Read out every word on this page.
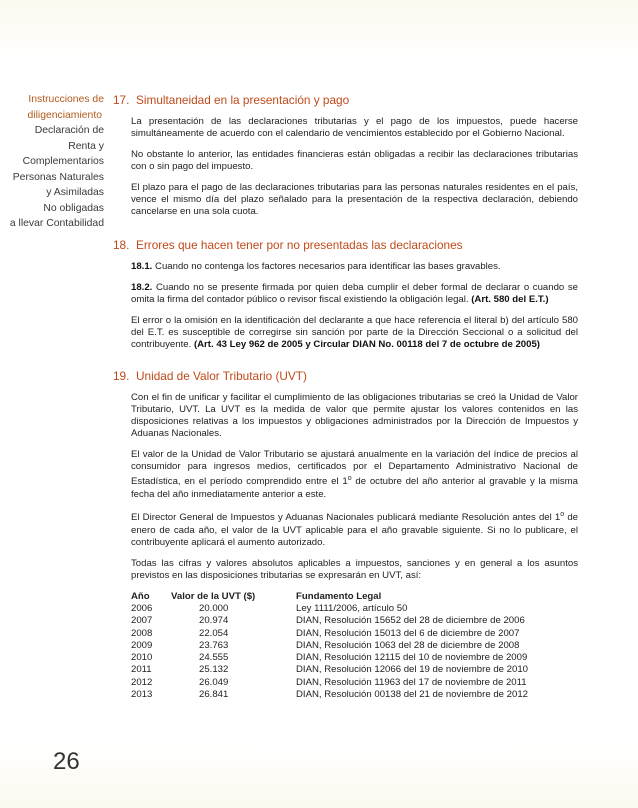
Instrucciones de
diligenciamiento
Declaración de
Renta y
Complementarios
Personas Naturales
y Asimiladas
No obligadas
a llevar Contabilidad
26
17. Simultaneidad en la presentación y pago

La presentación de las declaraciones tributarias y el pago de los impuestos, puede hacerse simultáneamente de acuerdo con el calendario de vencimientos establecido por el Gobierno Nacional.

No obstante lo anterior, las entidades financieras están obligadas a recibir las declaraciones tributarias con o sin pago del impuesto.

El plazo para el pago de las declaraciones tributarias para las personas naturales residentes en el país, vence el mismo día del plazo señalado para la presentación de la respectiva declaración, debiendo cancelarse en una sola cuota.

18. Errores que hacen tener por no presentadas las declaraciones

18.1. Cuando no contenga los factores necesarios para identificar las bases gravables.

18.2. Cuando no se presente firmada por quien deba cumplir el deber formal de declarar o cuando se omita la firma del contador público o revisor fiscal existiendo la obligación legal. (Art. 580 del E.T.)

El error o la omisión en la identificación del declarante a que hace referencia el literal b) del artículo 580 del E.T. es susceptible de corregirse sin sanción por parte de la Dirección Seccional o a solicitud del contribuyente. (Art. 43 Ley 962 de 2005 y Circular DIAN No. 00118 del 7 de octubre de 2005)

19. Unidad de Valor Tributario (UVT)

Con el fin de unificar y facilitar el cumplimiento de las obligaciones tributarias se creó la Unidad de Valor Tributario, UVT. La UVT es la medida de valor que permite ajustar los valores contenidos en las disposiciones relativas a los impuestos y obligaciones administrados por la Dirección de Impuestos y Aduanas Nacionales.

El valor de la Unidad de Valor Tributario se ajustará anualmente en la variación del índice de precios al consumidor para ingresos medios, certificados por el Departamento Administrativo Nacional de Estadística, en el período comprendido entre el 1$^o$ de octubre del año anterior al gravable y la misma fecha del año inmediatamente anterior a este.

El Director General de Impuestos y Aduanas Nacionales publicará mediante Resolución antes del 1$^o$ de enero de cada año, el valor de la UVT aplicable para el año gravable siguiente. Si no lo publicare, el contribuyente aplicará el aumento autorizado.

Todas las cifras y valores absolutos aplicables a impuestos, sanciones y en general a los asuntos previstos en las disposiciones tributarias se expresarán en UVT, así:

Año	Valor de la UVT ($)	Fundamento Legal
2006	20.000	Ley 1111/2006, artículo 50
2007	20.974	DIAN, Resolución 15652 del 28 de diciembre de 2006
2008	22.054	DIAN, Resolución 15013 del 6 de diciembre de 2007
2009	23.763	DIAN, Resolución 1063 del 28 de diciembre de 2008
2010	24.555	DIAN, Resolución 12115 del 10 de noviembre de 2009
2011	25.132	DIAN, Resolución 12066 del 19 de noviembre de 2010
2012	26.049	DIAN, Resolución 11963 del 17 de noviembre de 2011
2013	26.841	DIAN, Resolución 00138 del 21 de noviembre de 2012
